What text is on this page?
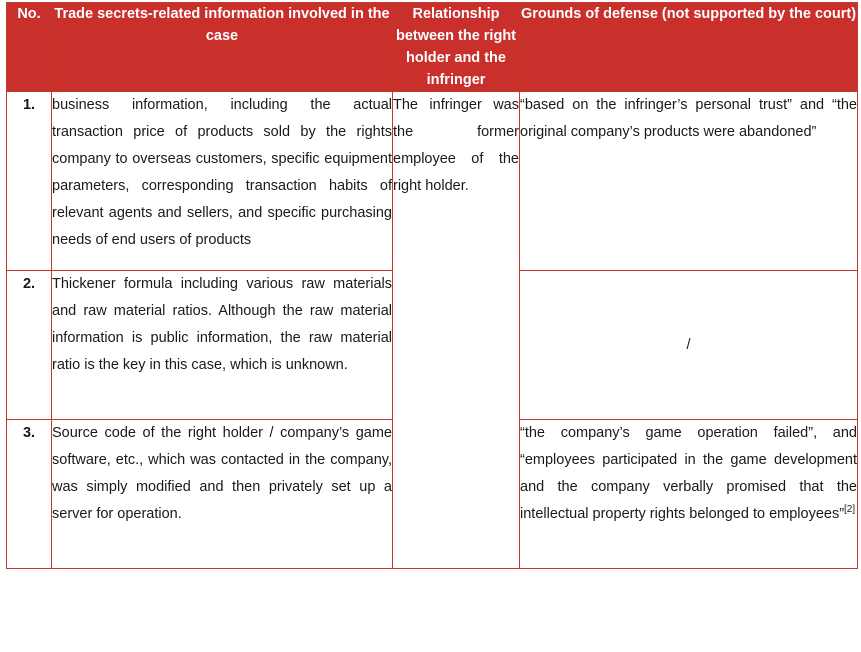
No.	Trade secrets-related information involved in the case	Relationship between the right holder and the infringer	Grounds of defense (not supported by the court)
1.	business information, including the actual transaction price of products sold by the rights company to overseas customers, specific equipment parameters, corresponding transaction habits of relevant agents and sellers, and specific purchasing needs of end users of products	The infringer was the former employee of the right holder.	“based on the infringer’s personal trust” and “the original company’s products were abandoned”
2.	Thickener formula including various raw materials and raw material ratios. Although the raw material information is public information, the raw material ratio is the key in this case, which is unknown.		/
3.	Source code of the right holder / company’s game software, etc., which was contacted in the company, was simply modified and then privately set up a server for operation.		“the company’s game operation failed”, and “employees participated in the game development and the company verbally promised that the intellectual property rights belonged to employees”[2]
